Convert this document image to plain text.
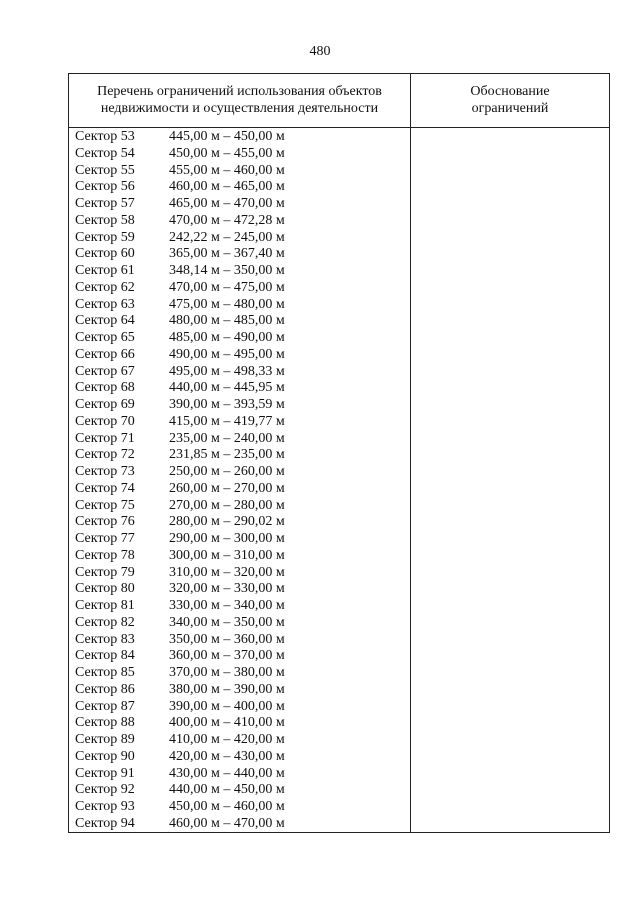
480
Перечень ограничений использования объектов
недвижимости и осуществления деятельности
Обоснование
ограничений
Сектор 53 445,00 м – 450,00 м
Сектор 54 450,00 м – 455,00 м
Сектор 55 455,00 м – 460,00 м
Сектор 56 460,00 м – 465,00 м
Сектор 57 465,00 м – 470,00 м
Сектор 58 470,00 м – 472,28 м
Сектор 59 242,22 м – 245,00 м
Сектор 60 365,00 м – 367,40 м
Сектор 61 348,14 м – 350,00 м
Сектор 62 470,00 м – 475,00 м
Сектор 63 475,00 м – 480,00 м
Сектор 64 480,00 м – 485,00 м
Сектор 65 485,00 м – 490,00 м
Сектор 66 490,00 м – 495,00 м
Сектор 67 495,00 м – 498,33 м
Сектор 68 440,00 м – 445,95 м
Сектор 69 390,00 м – 393,59 м
Сектор 70 415,00 м – 419,77 м
Сектор 71 235,00 м – 240,00 м
Сектор 72 231,85 м – 235,00 м
Сектор 73 250,00 м – 260,00 м
Сектор 74 260,00 м – 270,00 м
Сектор 75 270,00 м – 280,00 м
Сектор 76 280,00 м – 290,02 м
Сектор 77 290,00 м – 300,00 м
Сектор 78 300,00 м – 310,00 м
Сектор 79 310,00 м – 320,00 м
Сектор 80 320,00 м – 330,00 м
Сектор 81 330,00 м – 340,00 м
Сектор 82 340,00 м – 350,00 м
Сектор 83 350,00 м – 360,00 м
Сектор 84 360,00 м – 370,00 м
Сектор 85 370,00 м – 380,00 м
Сектор 86 380,00 м – 390,00 м
Сектор 87 390,00 м – 400,00 м
Сектор 88 400,00 м – 410,00 м
Сектор 89 410,00 м – 420,00 м
Сектор 90 420,00 м – 430,00 м
Сектор 91 430,00 м – 440,00 м
Сектор 92 440,00 м – 450,00 м
Сектор 93 450,00 м – 460,00 м
Сектор 94 460,00 м – 470,00 м
